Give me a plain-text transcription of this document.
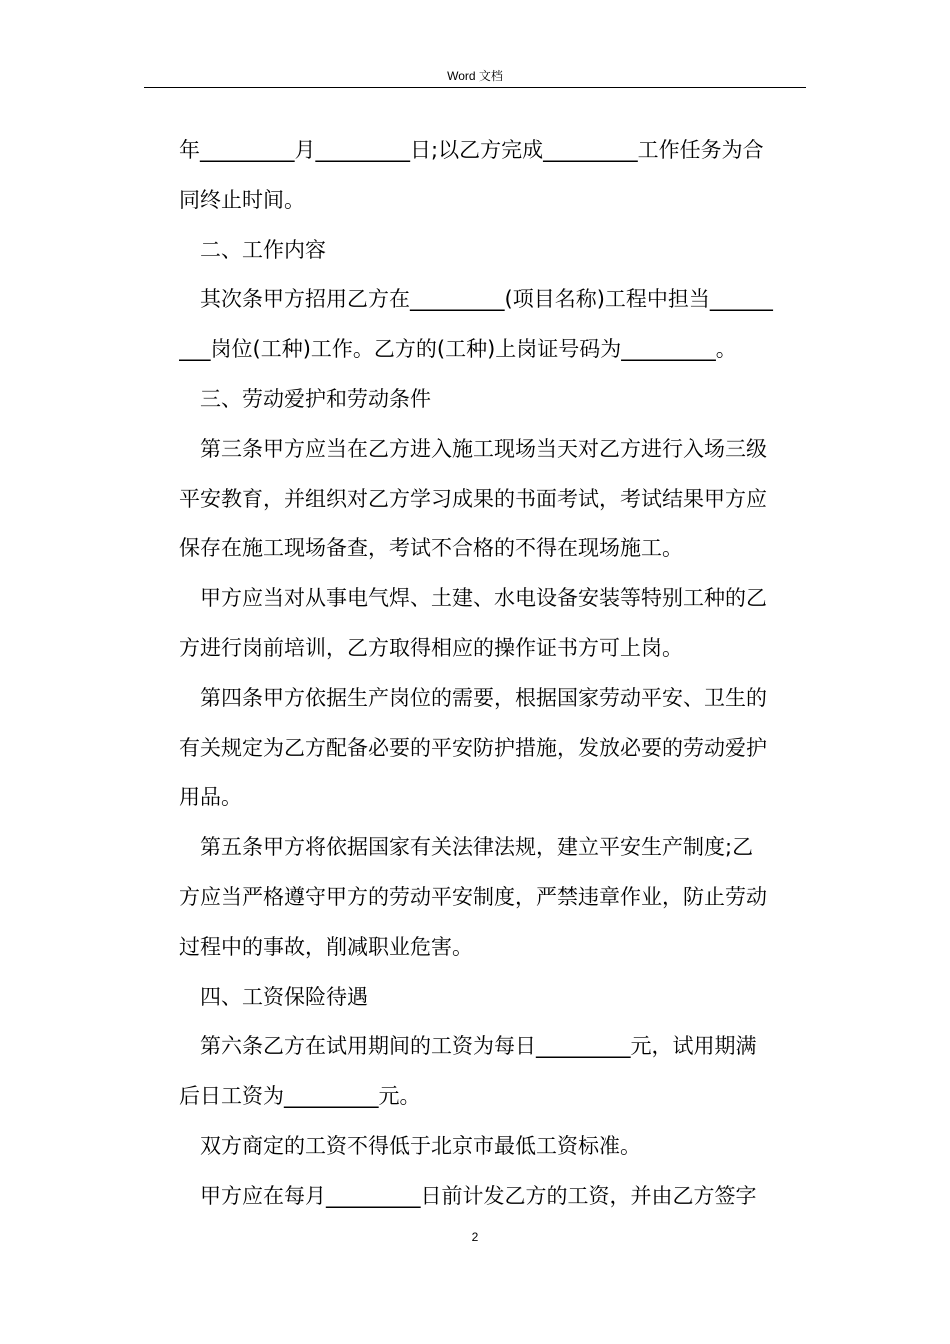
Word 文档
年_________月_________日;以乙方完成_________工作任务为合
同终止时间。
二、工作内容
其次条甲方招用乙方在_________(项目名称)工程中担当______
___岗位(工种)工作。乙方的(工种)上岗证号码为_________。
三、劳动爱护和劳动条件
第三条甲方应当在乙方进入施工现场当天对乙方进行入场三级
平安教育，并组织对乙方学习成果的书面考试，考试结果甲方应
保存在施工现场备查，考试不合格的不得在现场施工。
甲方应当对从事电气焊、土建、水电设备安装等特别工种的乙
方进行岗前培训，乙方取得相应的操作证书方可上岗。
第四条甲方依据生产岗位的需要，根据国家劳动平安、卫生的
有关规定为乙方配备必要的平安防护措施，发放必要的劳动爱护
用品。
第五条甲方将依据国家有关法律法规，建立平安生产制度;乙
方应当严格遵守甲方的劳动平安制度，严禁违章作业，防止劳动
过程中的事故，削减职业危害。
四、工资保险待遇
第六条乙方在试用期间的工资为每日_________元，试用期满
后日工资为_________元。
双方商定的工资不得低于北京市最低工资标准。
甲方应在每月_________日前计发乙方的工资，并由乙方签字
2
